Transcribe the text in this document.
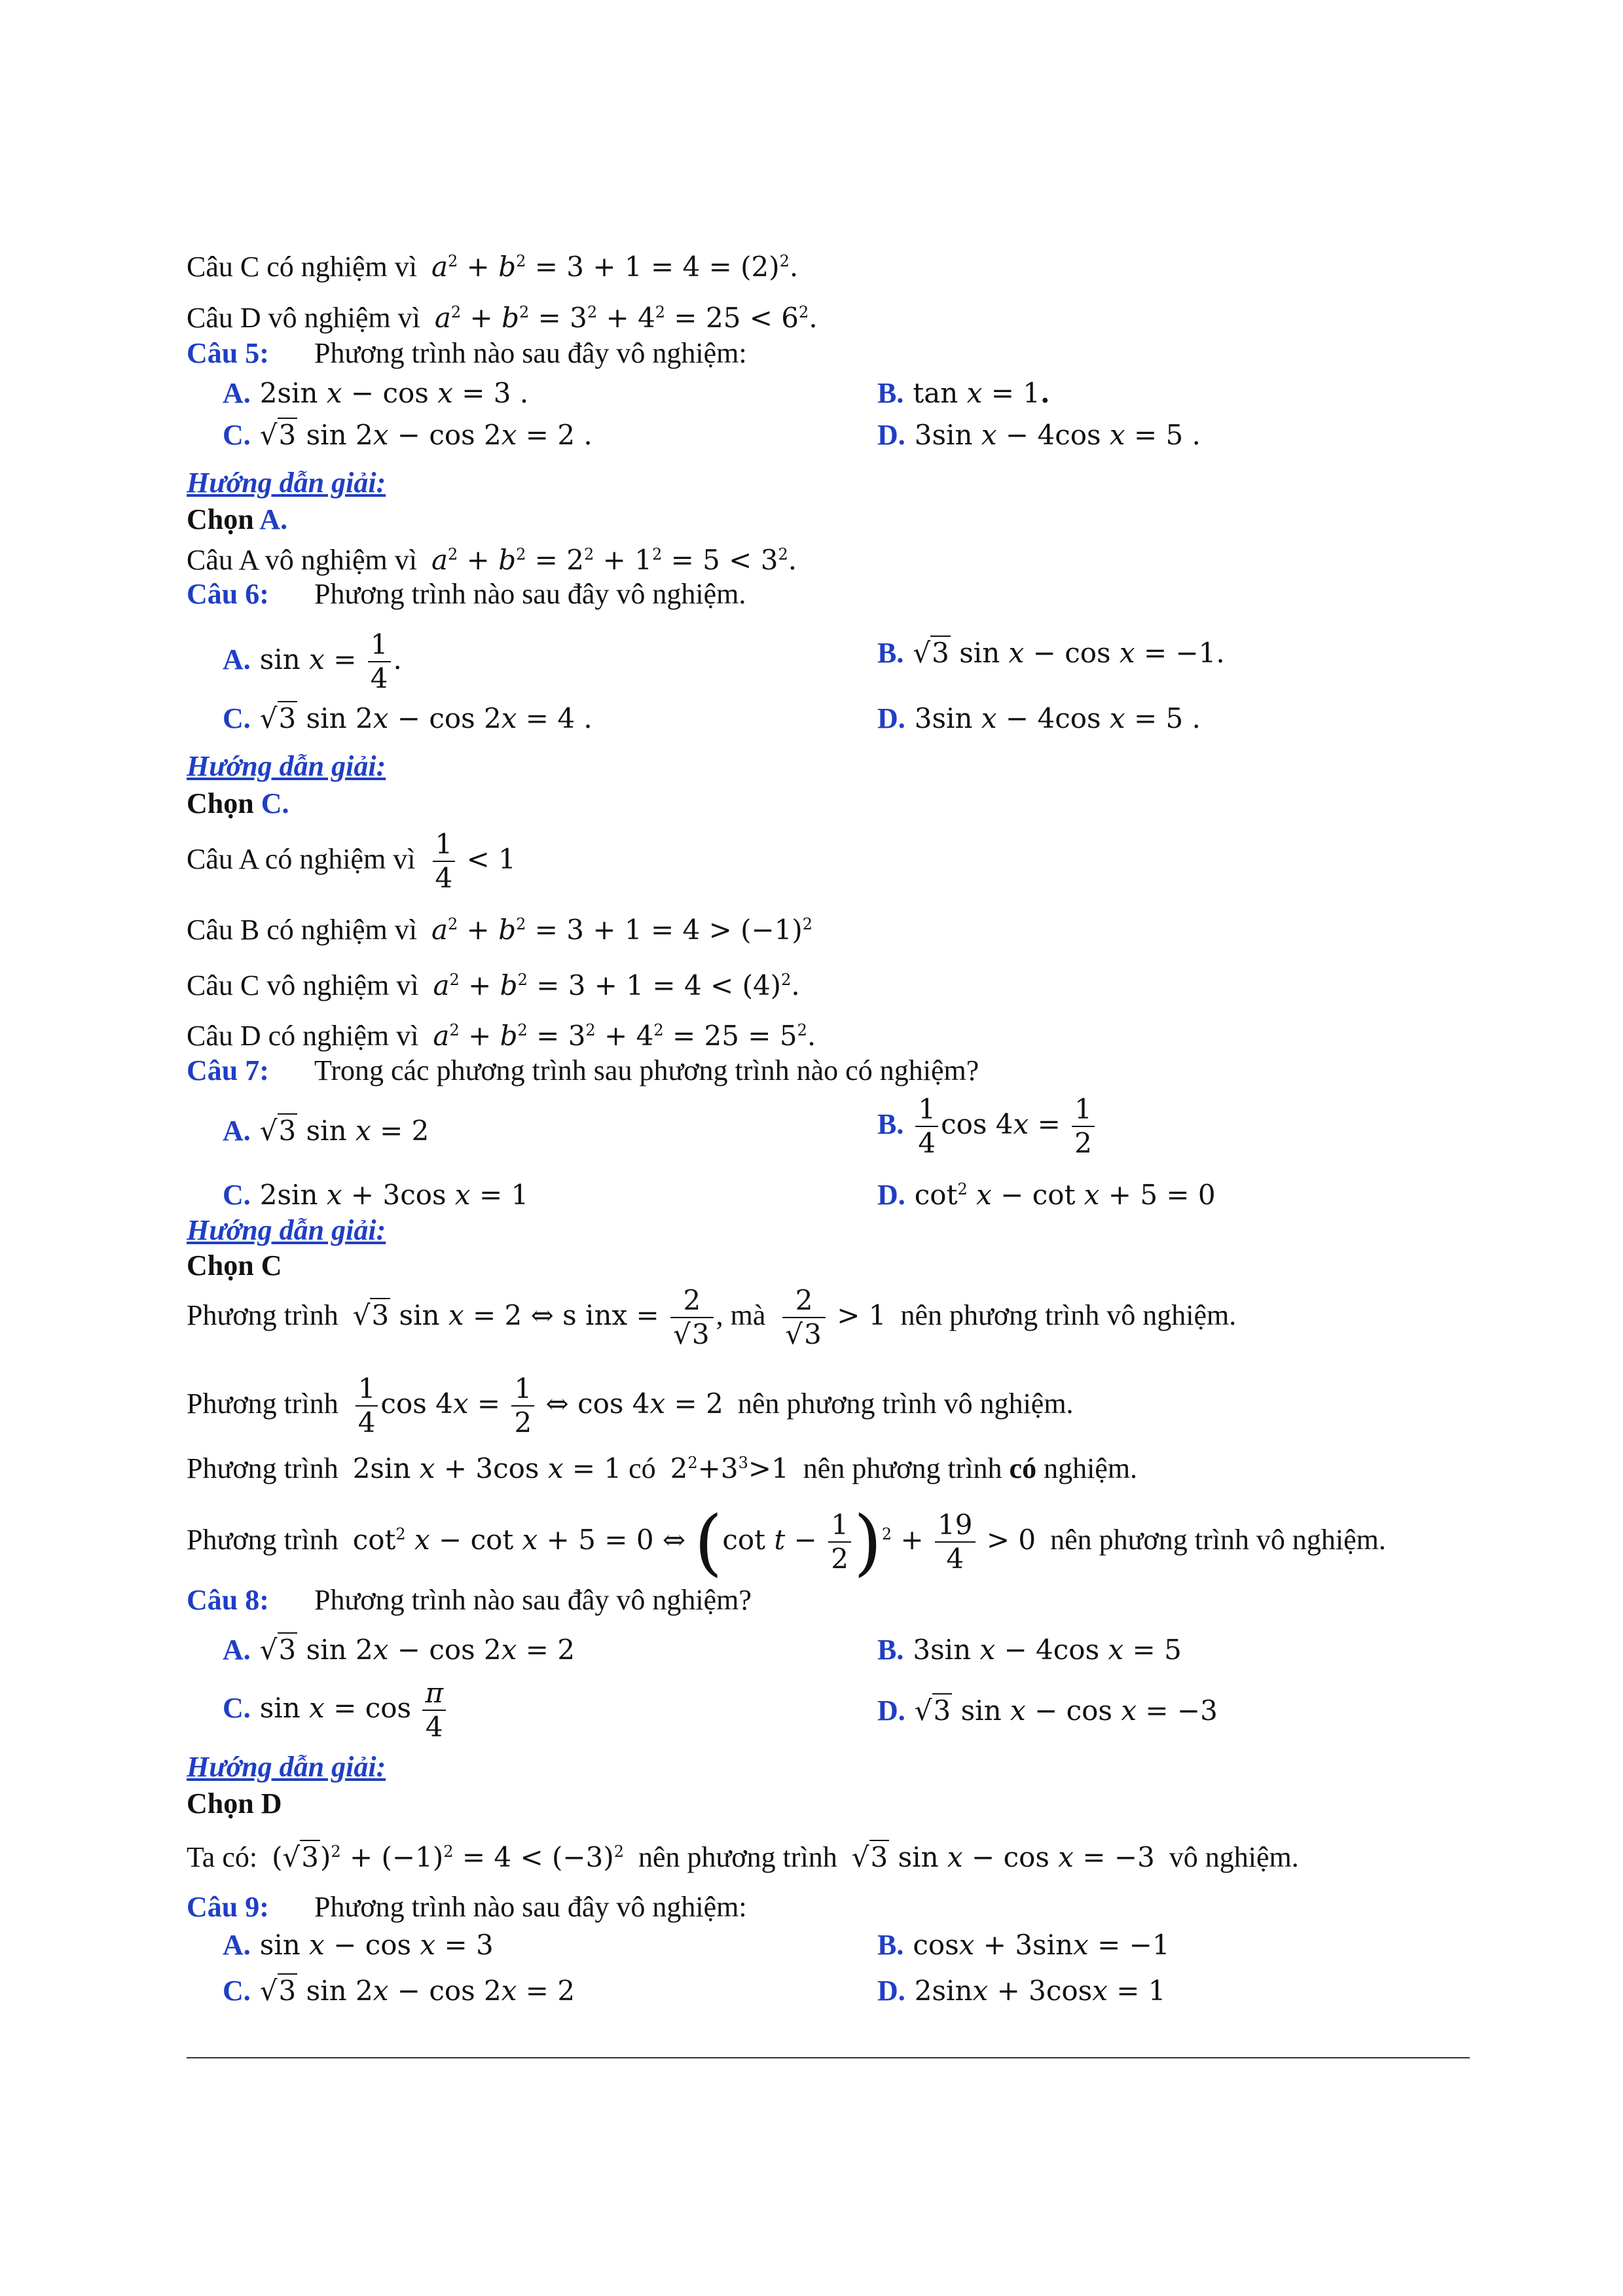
Câu C có nghiệm vì $a^2 + b^2 = 3 + 1 = 4 = (2)^2$.
Câu D vô nghiệm vì $a^2 + b^2 = 3^2 + 4^2 = 25 < 6^2$.
Câu 5: Phương trình nào sau đây vô nghiệm:
A. 2sin x − cos x = 3 .	B. tan x = 1.
C. √3 sin 2x − cos 2x = 2 .	D. 3sin x − 4cos x = 5 .
Hướng dẫn giải:
Chọn A.
Câu A vô nghiệm vì $a^2 + b^2 = 2^2 + 1^2 = 5 < 3^2$.
Câu 6: Phương trình nào sau đây vô nghiệm.
A. $\sin x = \frac{1}{4}$ .	B. √3 sin x − cos x = −1.
C. √3 sin 2x − cos 2x = 4 .	D. 3sin x − 4cos x = 5 .
Hướng dẫn giải:
Chọn C.
Câu A có nghiệm vì $\frac{1}{4} < 1$
Câu B có nghiệm vì $a^2 + b^2 = 3 + 1 = 4 > (-1)^2$
Câu C vô nghiệm vì $a^2 + b^2 = 3 + 1 = 4 < (4)^2$.
Câu D có nghiệm vì $a^2 + b^2 = 3^2 + 4^2 = 25 = 5^2$.
Câu 7: Trong các phương trình sau phương trình nào có nghiệm?
A. √3 sin x = 2	B. $\frac{1}{4}$ $\cos 4x = \frac{1}{2}$
C. 2sin x + 3cos x = 1	D. $\cot^2 x - \cot x + 5 = 0$
Hướng dẫn giải:
Chọn C
Phương trình √3 sin x = 2 ⇔ s inx = $\frac{2}{√3}$ , mà $\frac{2}{√3} > 1$ nên phương trình vô nghiệm.
Phương trình $\frac{1}{4}$ $\cos 4x = \frac{1}{2}$ ⇔ cos 4x = 2 nên phương trình vô nghiệm.
Phương trình 2sin x + 3cos x = 1 có $2^2+3^3>1$ nên phương trình có nghiệm.
Phương trình $\cot^2 x - \cot x + 5 = 0$ ⇔ (cot $t - \frac{1}{2} )^2 + \frac{19}{4} > 0$ nên phương trình vô nghiệm.
Câu 8: Phương trình nào sau đây vô nghiệm?
A. √3 sin 2x − cos 2x = 2	B. 3sin x − 4cos x = 5
C. $\sin x = \cos \frac{\pi}{4}$	D. √3 sin x − cos x = −3
Hướng dẫn giải:
Chọn D
Ta có: $(√3)^2 + (-1)^2 = 4 < (-3)^2$ nên phương trình √3 sin x − cos x = −3 vô nghiệm.
Câu 9: Phương trình nào sau đây vô nghiệm:
A. sin x − cos x = 3	B. cosx + 3sinx = −1
C. √3 sin 2x − cos 2x = 2	D. 2sinx + 3cosx = 1
